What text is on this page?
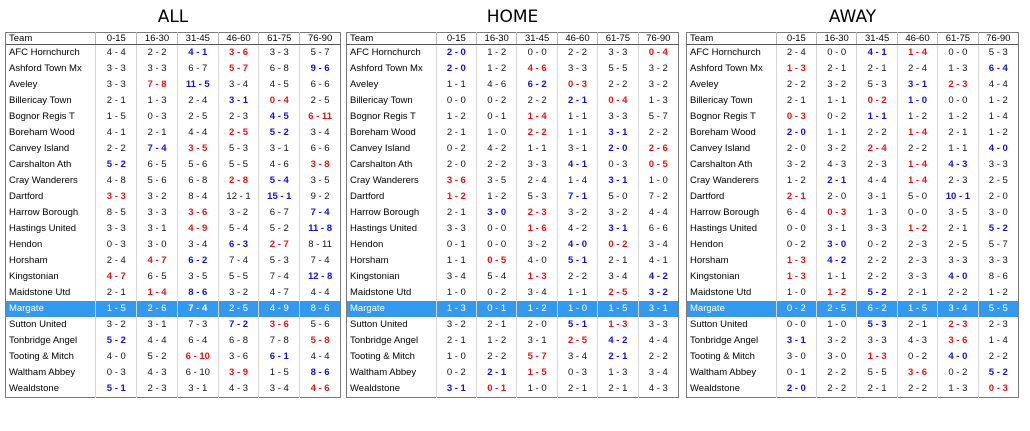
ALL
Team	0-15	16-30	31-45	46-60	61-75	76-90
AFC Hornchurch	4 - 4	2 - 2	4 - 1	3 - 6	3 - 3	5 - 7
Ashford Town Mx	3 - 3	3 - 3	6 - 7	5 - 7	6 - 8	9 - 6
Aveley	3 - 3	7 - 8	11 - 5	3 - 4	4 - 5	6 - 6
Billericay Town	2 - 1	1 - 3	2 - 4	3 - 1	0 - 4	2 - 5
Bognor Regis T	1 - 5	0 - 3	2 - 5	2 - 3	4 - 5	6 - 11
Boreham Wood	4 - 1	2 - 1	4 - 4	2 - 5	5 - 2	3 - 4
Canvey Island	2 - 2	7 - 4	3 - 5	5 - 3	3 - 1	6 - 6
Carshalton Ath	5 - 2	6 - 5	5 - 6	5 - 5	4 - 6	3 - 8
Cray Wanderers	4 - 8	5 - 6	6 - 8	2 - 8	5 - 4	3 - 5
Dartford	3 - 3	3 - 2	8 - 4	12 - 1	15 - 1	9 - 2
Harrow Borough	8 - 5	3 - 3	3 - 6	3 - 2	6 - 7	7 - 4
Hastings United	3 - 3	3 - 1	4 - 9	5 - 4	5 - 2	11 - 8
Hendon	0 - 3	3 - 0	3 - 4	6 - 3	2 - 7	8 - 11
Horsham	2 - 4	4 - 7	6 - 2	7 - 4	5 - 3	7 - 4
Kingstonian	4 - 7	6 - 5	3 - 5	5 - 5	7 - 4	12 - 8
Maidstone Utd	2 - 1	1 - 4	8 - 6	3 - 2	4 - 7	4 - 4
Margate	1 - 5	2 - 6	7 - 4	2 - 5	4 - 9	8 - 6
Sutton United	3 - 2	3 - 1	7 - 3	7 - 2	3 - 6	5 - 6
Tonbridge Angel	5 - 2	4 - 4	6 - 4	6 - 8	7 - 8	5 - 8
Tooting & Mitch	4 - 0	5 - 2	6 - 10	3 - 6	6 - 1	4 - 4
Waltham Abbey	0 - 3	4 - 3	6 - 10	3 - 9	1 - 5	8 - 6
Wealdstone	5 - 1	2 - 3	3 - 1	4 - 3	3 - 4	4 - 6
HOME
Team	0-15	16-30	31-45	46-60	61-75	76-90
AFC Hornchurch	2 - 0	1 - 2	0 - 0	2 - 2	3 - 3	0 - 4
Ashford Town Mx	2 - 0	1 - 2	4 - 6	3 - 3	5 - 5	3 - 2
Aveley	1 - 1	4 - 6	6 - 2	0 - 3	2 - 2	3 - 2
Billericay Town	0 - 0	0 - 2	2 - 2	2 - 1	0 - 4	1 - 3
Bognor Regis T	1 - 2	0 - 1	1 - 4	1 - 1	3 - 3	5 - 7
Boreham Wood	2 - 1	1 - 0	2 - 2	1 - 1	3 - 1	2 - 2
Canvey Island	0 - 2	4 - 2	1 - 1	3 - 1	2 - 0	2 - 6
Carshalton Ath	2 - 0	2 - 2	3 - 3	4 - 1	0 - 3	0 - 5
Cray Wanderers	3 - 6	3 - 5	2 - 4	1 - 4	3 - 1	1 - 0
Dartford	1 - 2	1 - 2	5 - 3	7 - 1	5 - 0	7 - 2
Harrow Borough	2 - 1	3 - 0	2 - 3	3 - 2	3 - 2	4 - 4
Hastings United	3 - 3	0 - 0	1 - 6	4 - 2	3 - 1	6 - 6
Hendon	0 - 1	0 - 0	3 - 2	4 - 0	0 - 2	3 - 4
Horsham	1 - 1	0 - 5	4 - 0	5 - 1	2 - 1	4 - 1
Kingstonian	3 - 4	5 - 4	1 - 3	2 - 2	3 - 4	4 - 2
Maidstone Utd	1 - 0	0 - 2	3 - 4	1 - 1	2 - 5	3 - 2
Margate	1 - 3	0 - 1	1 - 2	1 - 0	1 - 5	3 - 1
Sutton United	3 - 2	2 - 1	2 - 0	5 - 1	1 - 3	3 - 3
Tonbridge Angel	2 - 1	1 - 2	3 - 1	2 - 5	4 - 2	4 - 4
Tooting & Mitch	1 - 0	2 - 2	5 - 7	3 - 4	2 - 1	2 - 2
Waltham Abbey	0 - 2	2 - 1	1 - 5	0 - 3	1 - 3	3 - 4
Wealdstone	3 - 1	0 - 1	1 - 0	2 - 1	2 - 1	4 - 3
AWAY
Team	0-15	16-30	31-45	46-60	61-75	76-90
AFC Hornchurch	2 - 4	0 - 0	4 - 1	1 - 4	0 - 0	5 - 3
Ashford Town Mx	1 - 3	2 - 1	2 - 1	2 - 4	1 - 3	6 - 4
Aveley	2 - 2	3 - 2	5 - 3	3 - 1	2 - 3	4 - 4
Billericay Town	2 - 1	1 - 1	0 - 2	1 - 0	0 - 0	1 - 2
Bognor Regis T	0 - 3	0 - 2	1 - 1	1 - 2	1 - 2	1 - 4
Boreham Wood	2 - 0	1 - 1	2 - 2	1 - 4	2 - 1	1 - 2
Canvey Island	2 - 0	3 - 2	2 - 4	2 - 2	1 - 1	4 - 0
Carshalton Ath	3 - 2	4 - 3	2 - 3	1 - 4	4 - 3	3 - 3
Cray Wanderers	1 - 2	2 - 1	4 - 4	1 - 4	2 - 3	2 - 5
Dartford	2 - 1	2 - 0	3 - 1	5 - 0	10 - 1	2 - 0
Harrow Borough	6 - 4	0 - 3	1 - 3	0 - 0	3 - 5	3 - 0
Hastings United	0 - 0	3 - 1	3 - 3	1 - 2	2 - 1	5 - 2
Hendon	0 - 2	3 - 0	0 - 2	2 - 3	2 - 5	5 - 7
Horsham	1 - 3	4 - 2	2 - 2	2 - 3	3 - 3	3 - 3
Kingstonian	1 - 3	1 - 1	2 - 2	3 - 3	4 - 0	8 - 6
Maidstone Utd	1 - 0	1 - 2	5 - 2	2 - 1	2 - 2	1 - 2
Margate	0 - 2	2 - 5	6 - 2	1 - 5	3 - 4	5 - 5
Sutton United	0 - 0	1 - 0	5 - 3	2 - 1	2 - 3	2 - 3
Tonbridge Angel	3 - 1	3 - 2	3 - 3	4 - 3	3 - 6	1 - 4
Tooting & Mitch	3 - 0	3 - 0	1 - 3	0 - 2	4 - 0	2 - 2
Waltham Abbey	0 - 1	2 - 2	5 - 5	3 - 6	0 - 2	5 - 2
Wealdstone	2 - 0	2 - 2	2 - 1	2 - 2	1 - 3	0 - 3
